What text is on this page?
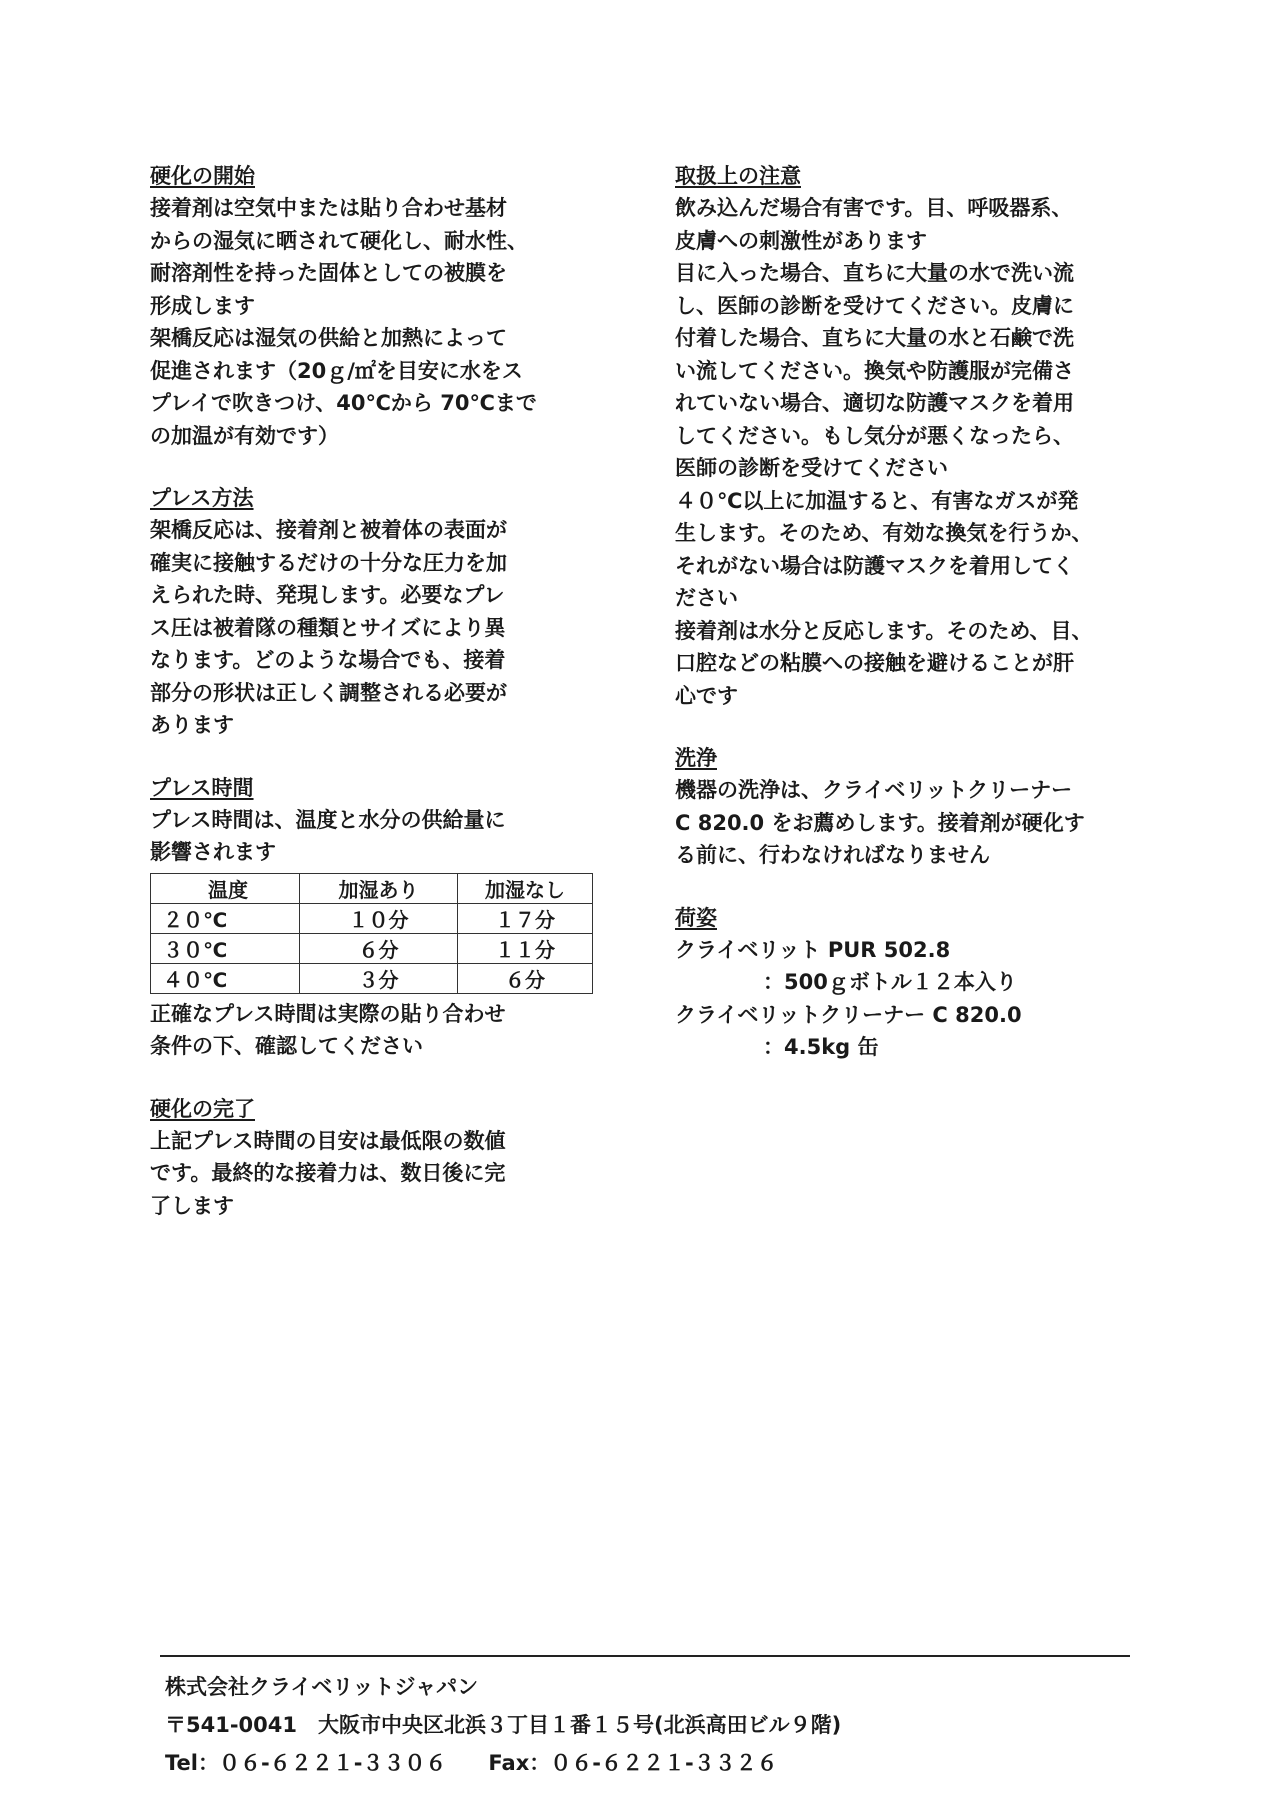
硬化の開始

接着剤は空気中または貼り合わせ基材

からの湿気に晒されて硬化し、耐水性、

耐溶剤性を持った固体としての被膜を

形成します

架橋反応は湿気の供給と加熱によって

促進されます（20ｇ/㎡を目安に水をス

プレイで吹きつけ、40℃から 70℃まで

の加温が有効です）

プレス方法

架橋反応は、接着剤と被着体の表面が

確実に接触するだけの十分な圧力を加

えられた時、発現します。必要なプレ

ス圧は被着隊の種類とサイズにより異

なります。どのような場合でも、接着

部分の形状は正しく調整される必要が

あります

プレス時間

プレス時間は、温度と水分の供給量に

影響されます

温度	加湿あり	加湿なし
２０℃	１０分	１７分
３０℃	６分	１１分
４０℃	３分	６分

正確なプレス時間は実際の貼り合わせ

条件の下、確認してください

硬化の完了

上記プレス時間の目安は最低限の数値

です。最終的な接着力は、数日後に完

了します

取扱上の注意

飲み込んだ場合有害です。目、呼吸器系、

皮膚への刺激性があります

目に入った場合、直ちに大量の水で洗い流

し、医師の診断を受けてください。皮膚に

付着した場合、直ちに大量の水と石鹸で洗

い流してください。換気や防護服が完備さ

れていない場合、適切な防護マスクを着用

してください。もし気分が悪くなったら、

医師の診断を受けてください

４０℃以上に加温すると、有害なガスが発

生します。そのため、有効な換気を行うか、

それがない場合は防護マスクを着用してく

ださい

接着剤は水分と反応します。そのため、目、

口腔などの粘膜への接触を避けることが肝

心です

洗浄

機器の洗浄は、クライベリットクリーナー

C 820.0 をお薦めします。接着剤が硬化す

る前に、行わなければなりません

荷姿

クライベリット PUR 502.8

：500ｇボトル１２本入り

クライベリットクリーナー C 820.0

：4.5kg 缶

株式会社クライベリットジャパン

〒541-0041　大阪市中央区北浜３丁目１番１５号(北浜高田ビル９階)

Tel：０６-６２２１-３３０６　　Fax：０６-６２２１-３３２６
